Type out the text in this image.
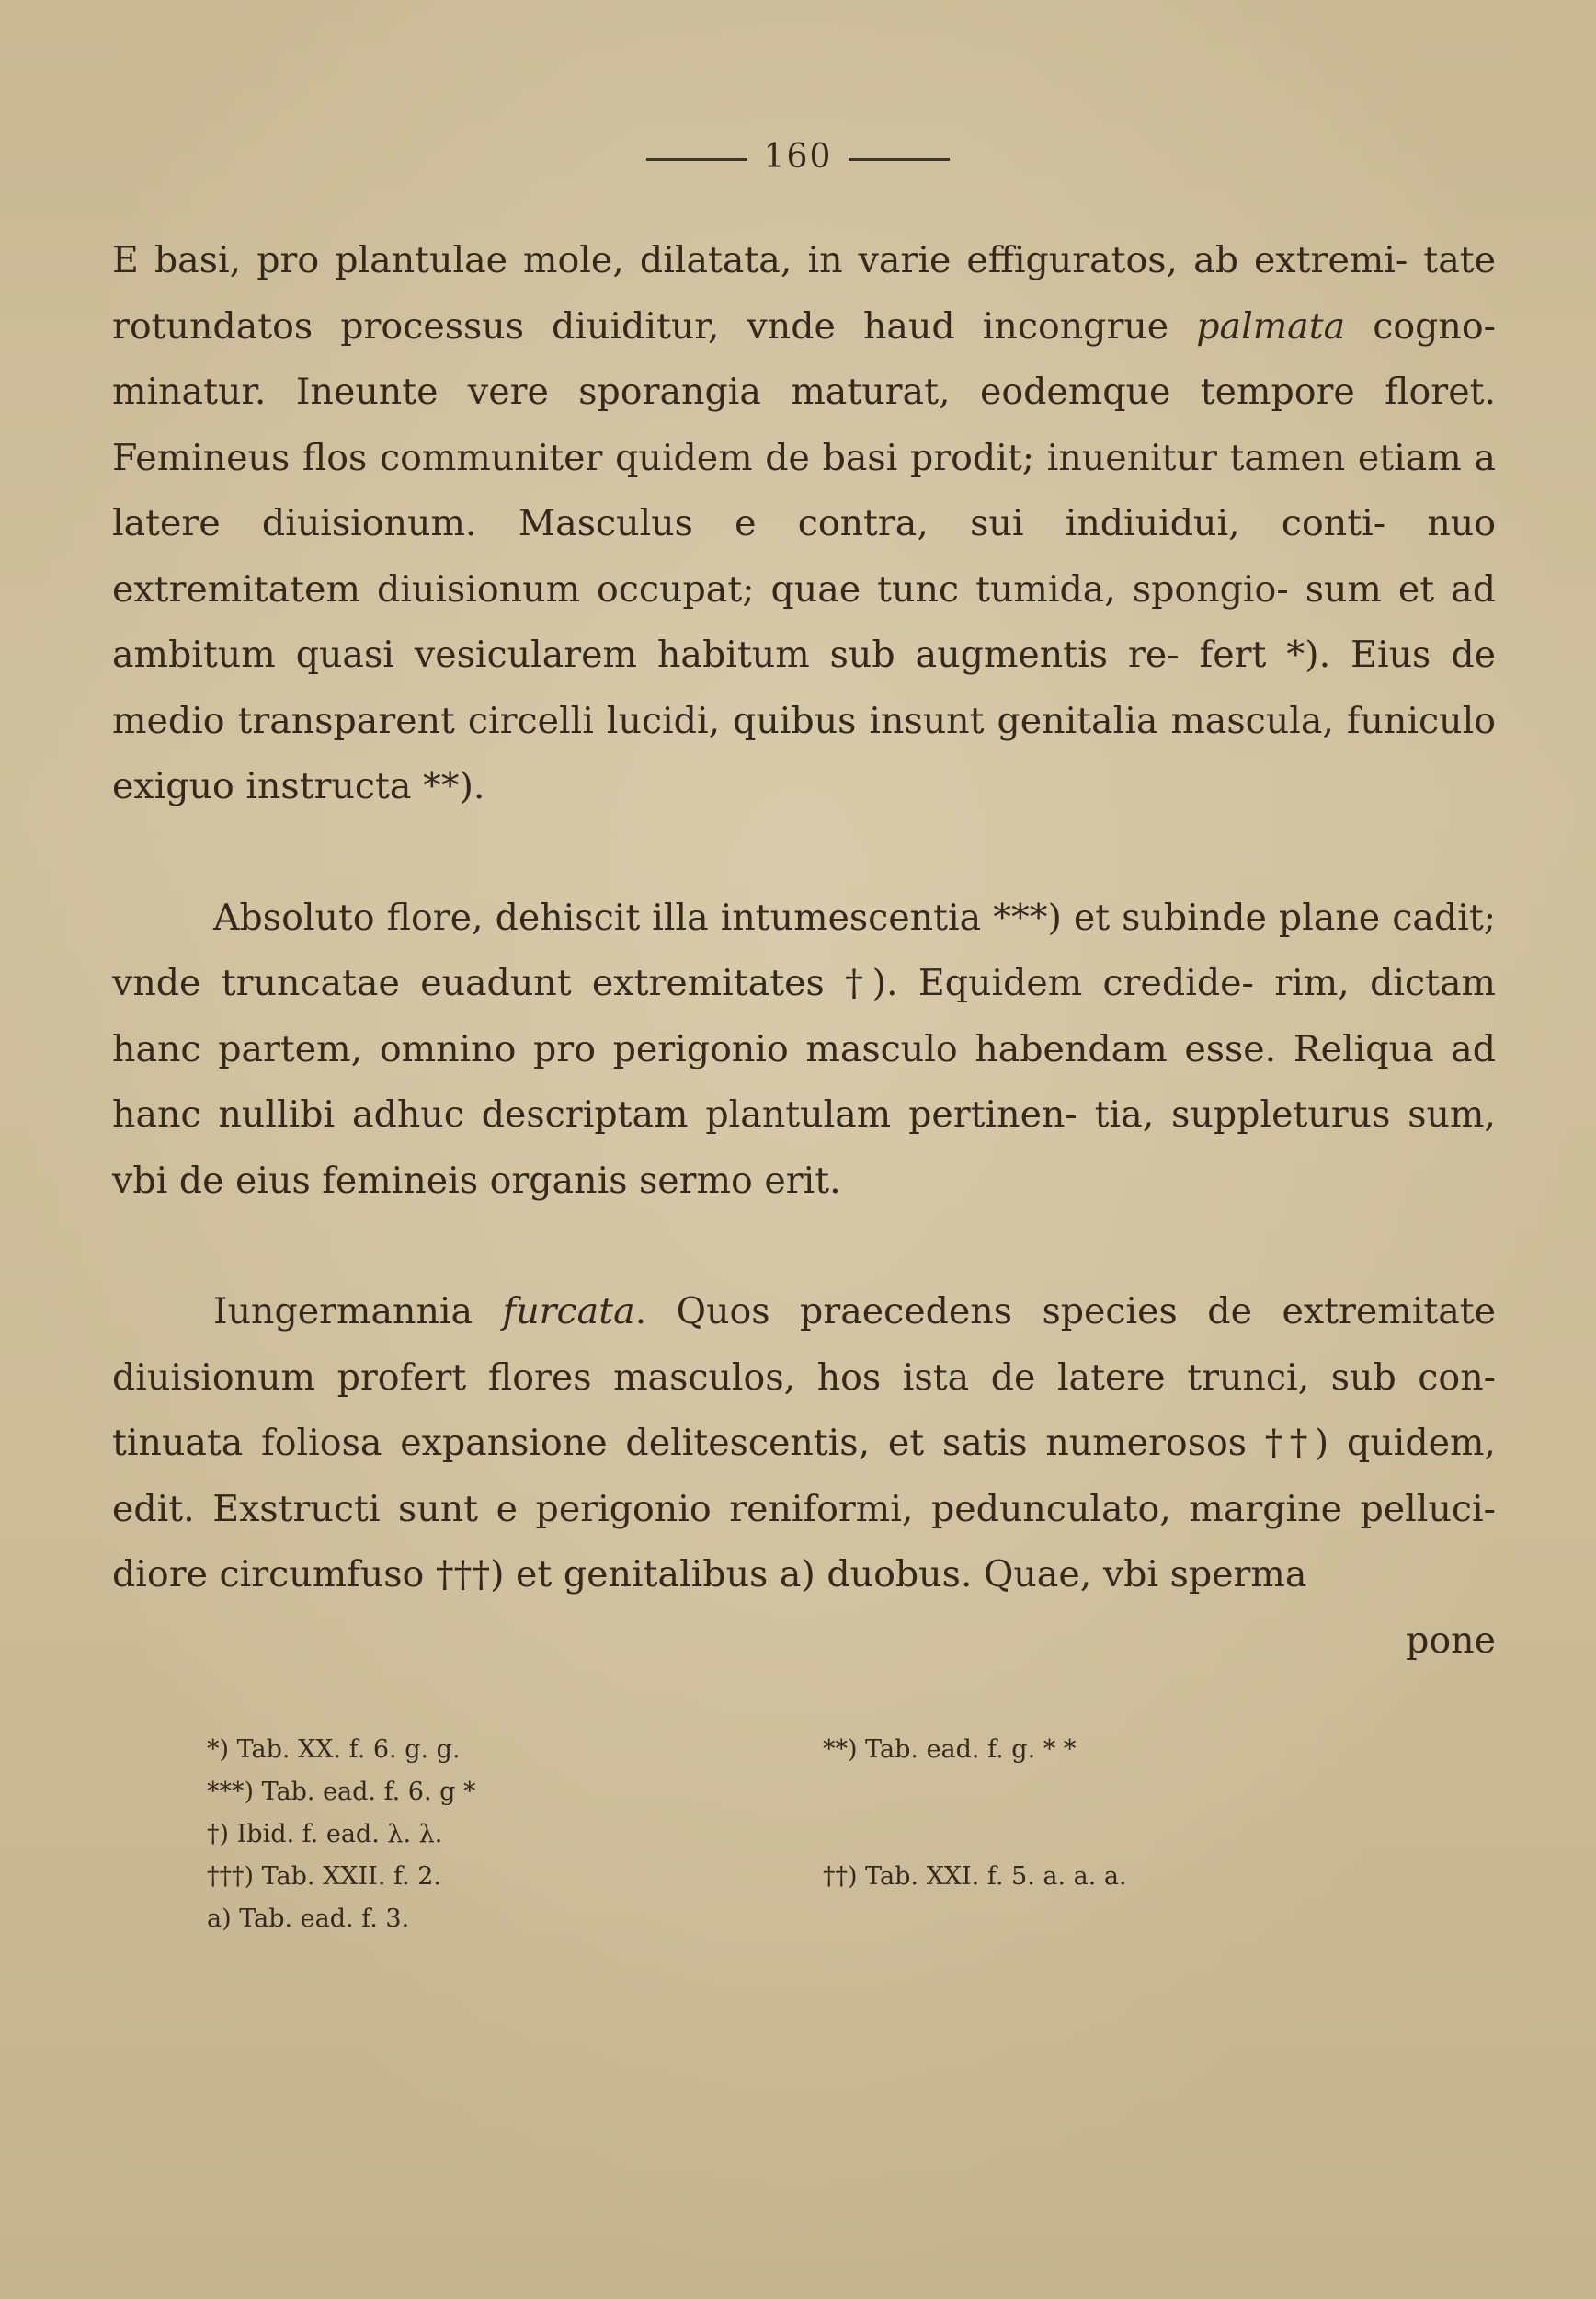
160

E basi, pro plantulae mole, dilatata, in varie effiguratos, ab extremi- tate rotundatos processus diuiditur, vnde haud incongrue palmata cogno- minatur. Ineunte vere sporangia maturat, eodemque tempore floret. Femineus flos communiter quidem de basi prodit; inuenitur tamen etiam a latere diuisionum. Masculus e contra, sui indiuidui, conti- nuo extremitatem diuisionum occupat; quae tunc tumida, spongio- sum et ad ambitum quasi vesicularem habitum sub augmentis re- fert *). Eius de medio transparent circelli lucidi, quibus insunt genitalia mascula, funiculo exiguo instructa **).

Absoluto flore, dehiscit illa intumescentia ***) et subinde plane cadit; vnde truncatae euadunt extremitates †). Equidem credide- rim, dictam hanc partem, omnino pro perigonio masculo habendam esse. Reliqua ad hanc nullibi adhuc descriptam plantulam pertinen- tia, suppleturus sum, vbi de eius femineis organis sermo erit.

Iungermannia furcata. Quos praecedens species de extremitate diuisionum profert flores masculos, hos ista de latere trunci, sub con- tinuata foliosa expansione delitescentis, et satis numerosos ††) quidem, edit. Exstructi sunt e perigonio reniformi, pedunculato, margine pelluci- diore circumfuso †††) et genitalibus a) duobus. Quae, vbi sperma

pone

*) Tab. XX. f. 6. g. g.
***) Tab. ead. f. 6. g *
†) Ibid. f. ead. λ. λ.
†††) Tab. XXII. f. 2.
a) Tab. ead. f. 3.
**) Tab. ead. f. g. * *
††) Tab. XXI. f. 5. a. a. a.
